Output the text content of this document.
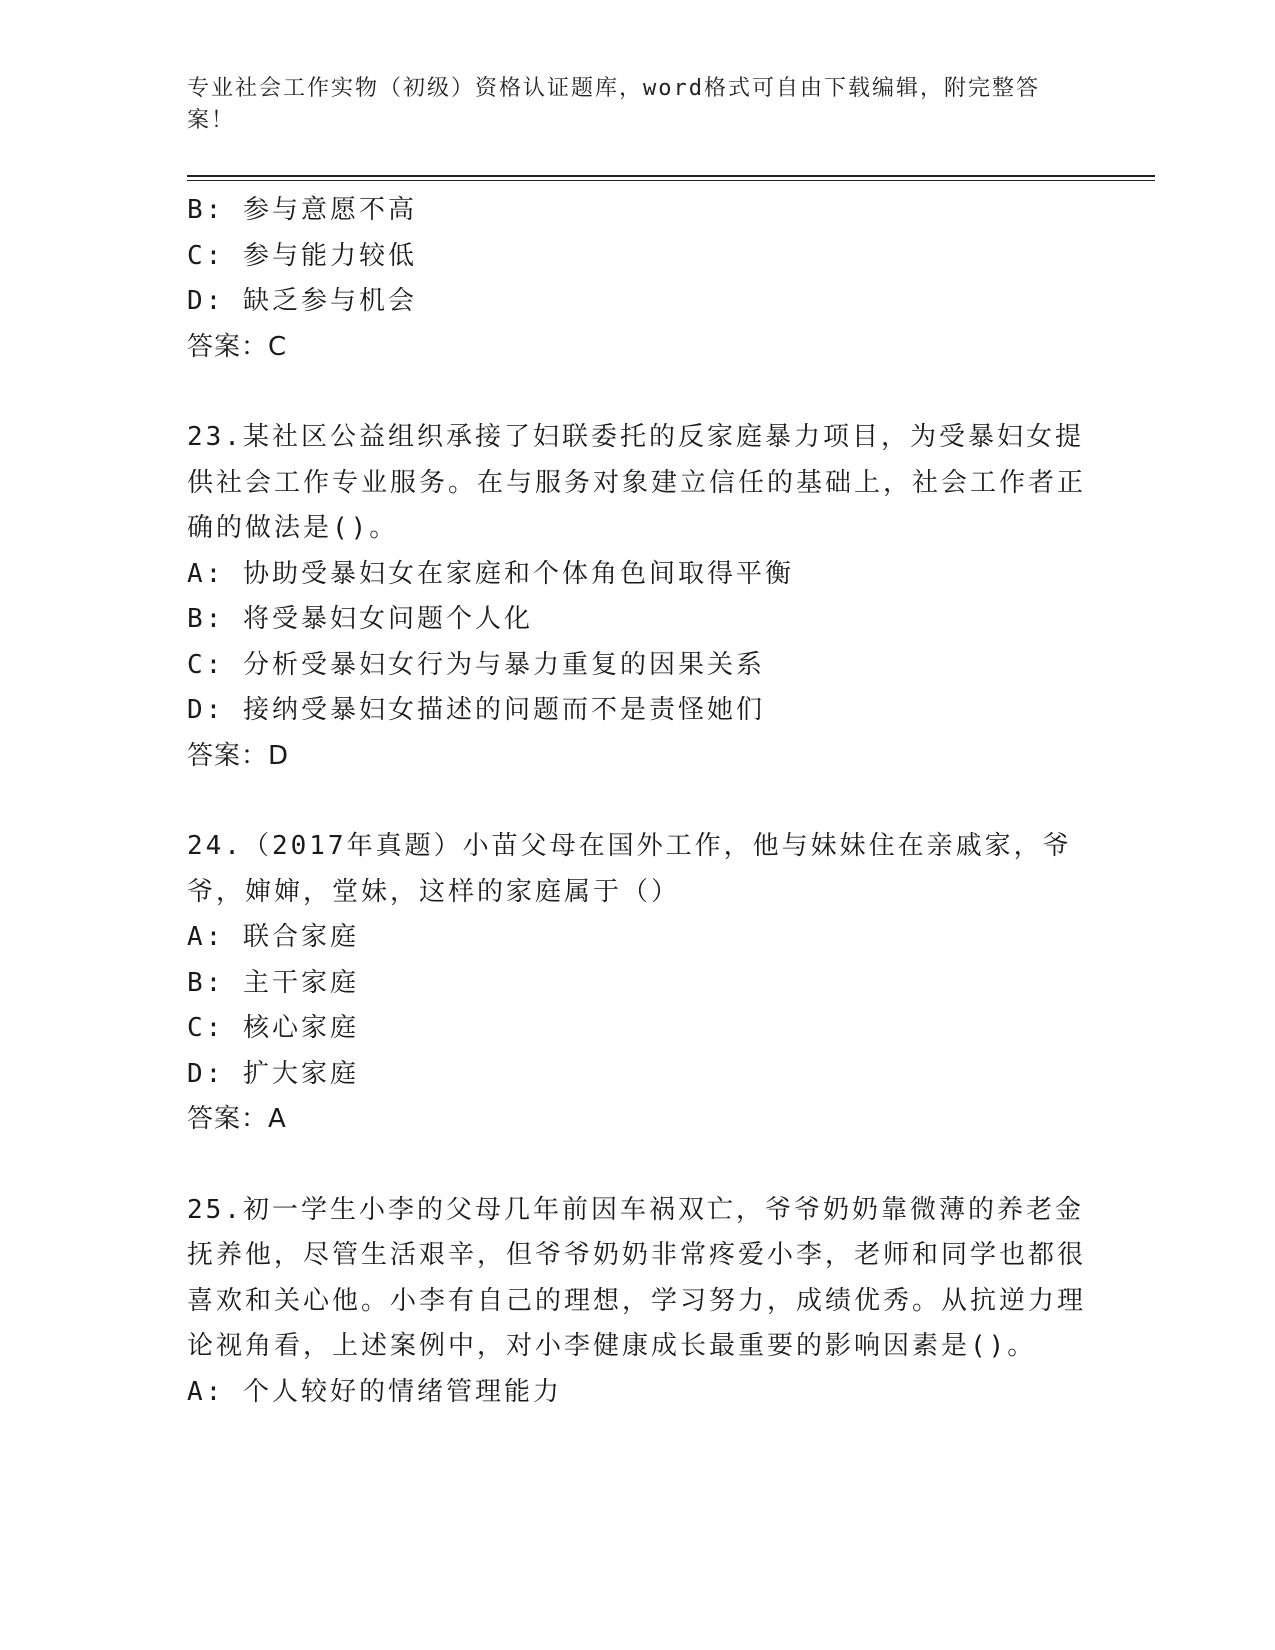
专业社会工作实物（初级）资格认证题库，word格式可自由下载编辑，附完整答案！

B: 参与意愿不高

C: 参与能力较低

D: 缺乏参与机会

答案：C

23.某社区公益组织承接了妇联委托的反家庭暴力项目，为受暴妇女提供社会工作专业服务。在与服务对象建立信任的基础上，社会工作者正确的做法是()。

A: 协助受暴妇女在家庭和个体角色间取得平衡

B: 将受暴妇女问题个人化

C: 分析受暴妇女行为与暴力重复的因果关系

D: 接纳受暴妇女描述的问题而不是责怪她们

答案：D

24.（2017年真题）小苗父母在国外工作，他与妹妹住在亲戚家，爷爷，婶婶，堂妹，这样的家庭属于（）

A: 联合家庭

B: 主干家庭

C: 核心家庭

D: 扩大家庭

答案：A

25.初一学生小李的父母几年前因车祸双亡，爷爷奶奶靠微薄的养老金抚养他，尽管生活艰辛，但爷爷奶奶非常疼爱小李，老师和同学也都很喜欢和关心他。小李有自己的理想，学习努力，成绩优秀。从抗逆力理论视角看，上述案例中，对小李健康成长最重要的影响因素是()。

A: 个人较好的情绪管理能力
